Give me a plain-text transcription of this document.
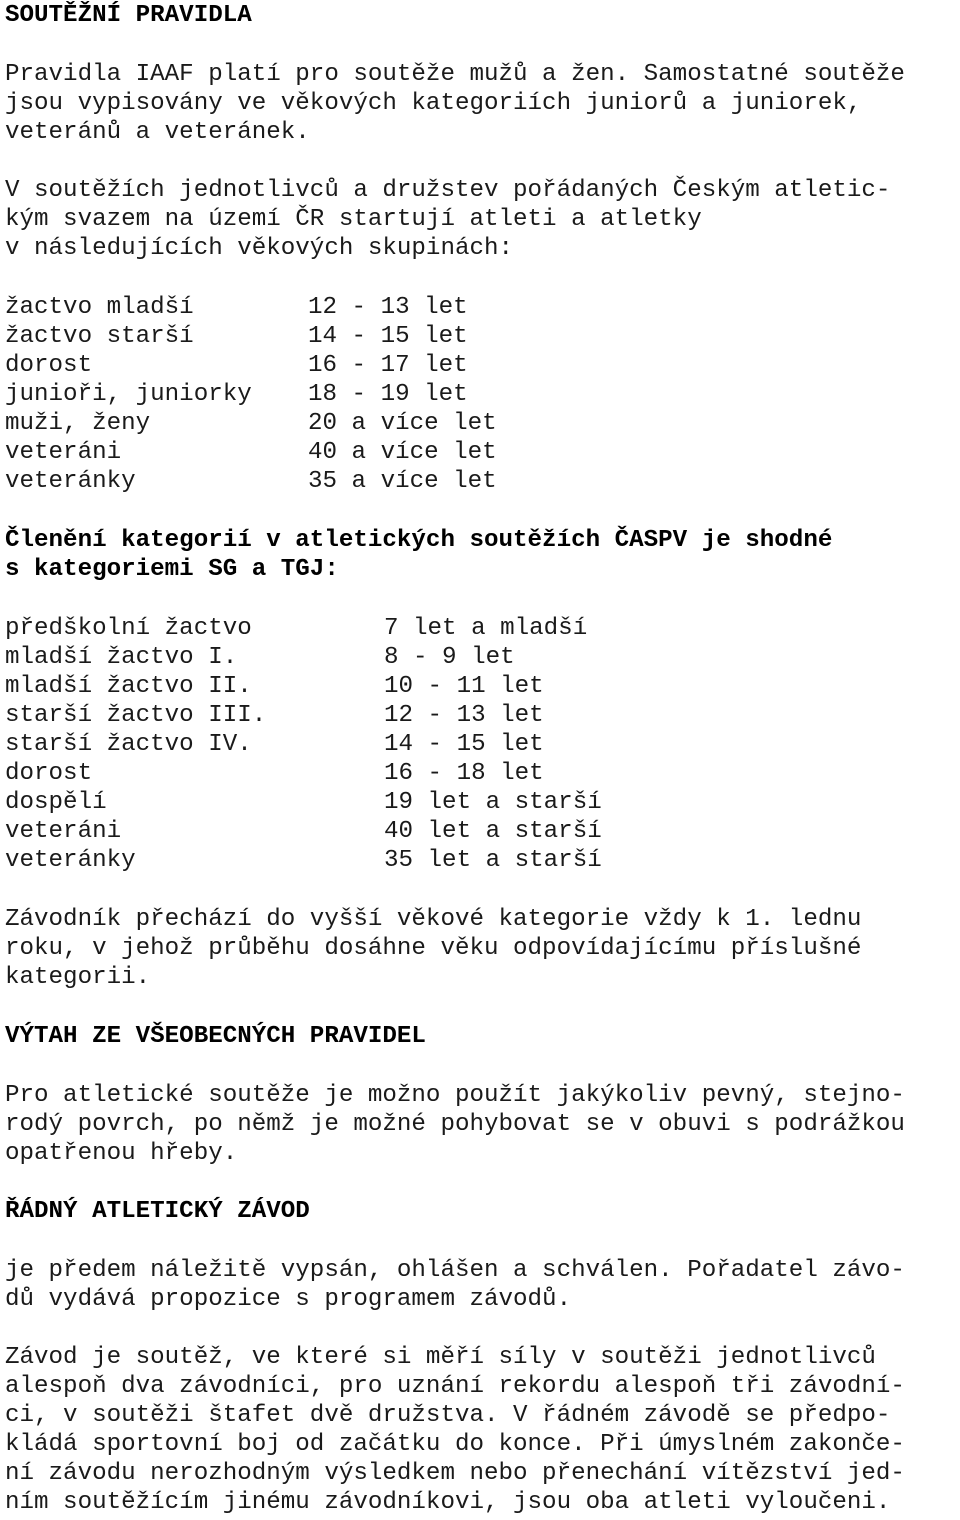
SOUTĚŽNÍ PRAVIDLA
Pravidla IAAF platí pro soutěže mužů a žen. Samostatné soutěže
jsou vypisovány ve věkových kategoriích juniorů a juniorek,
veteránů a veteránek.
V soutěžích jednotlivců a družstev pořádaných Českým atletic-
kým svazem na území ČR startují atleti a atletky
v následujících věkových skupinách:
žactvo mladší	12 - 13 let
žactvo starší	14 - 15 let
dorost	16 - 17 let
junioři, juniorky 18 - 19 let
muži, ženy	20 a více let
veteráni	40 a více let
veteránky	35 a více let
Členění kategorií v atletických soutěžích ČASPV je shodné
s kategoriemi SG a TGJ:
předškolní žactvo	7 let a mladší
mladší žactvo I.	8 - 9 let
mladší žactvo II.	10 - 11 let
starší žactvo III.	12 - 13 let
starší žactvo IV.	14 - 15 let
dorost	16 - 18 let
dospělí	19 let a starší
veteráni	40 let a starší
veteránky	35 let a starší
Závodník přechází do vyšší věkové kategorie vždy k 1. lednu
roku, v jehož průběhu dosáhne věku odpovídajícímu příslušné
kategorii.
VÝTAH ZE VŠEOBECNÝCH PRAVIDEL
Pro atletické soutěže je možno použít jakýkoliv pevný, stejno-
rodý povrch, po němž je možné pohybovat se v obuvi s podrážkou
opatřenou hřeby.
ŘÁDNÝ ATLETICKÝ ZÁVOD
je předem náležitě vypsán, ohlášen a schválen. Pořadatel závo-
dů vydává propozice s programem závodů.
Závod je soutěž, ve které si měří síly v soutěži jednotlivců
alespoň dva závodníci, pro uznání rekordu alespoň tři závodní-
ci, v soutěži štafet dvě družstva. V řádném závodě se předpo-
kládá sportovní boj od začátku do konce. Při úmyslném zakonče-
ní závodu nerozhodným výsledkem nebo přenechání vítězství jed-
ním soutěžícím jinému závodníkovi, jsou oba atleti vyloučeni.
